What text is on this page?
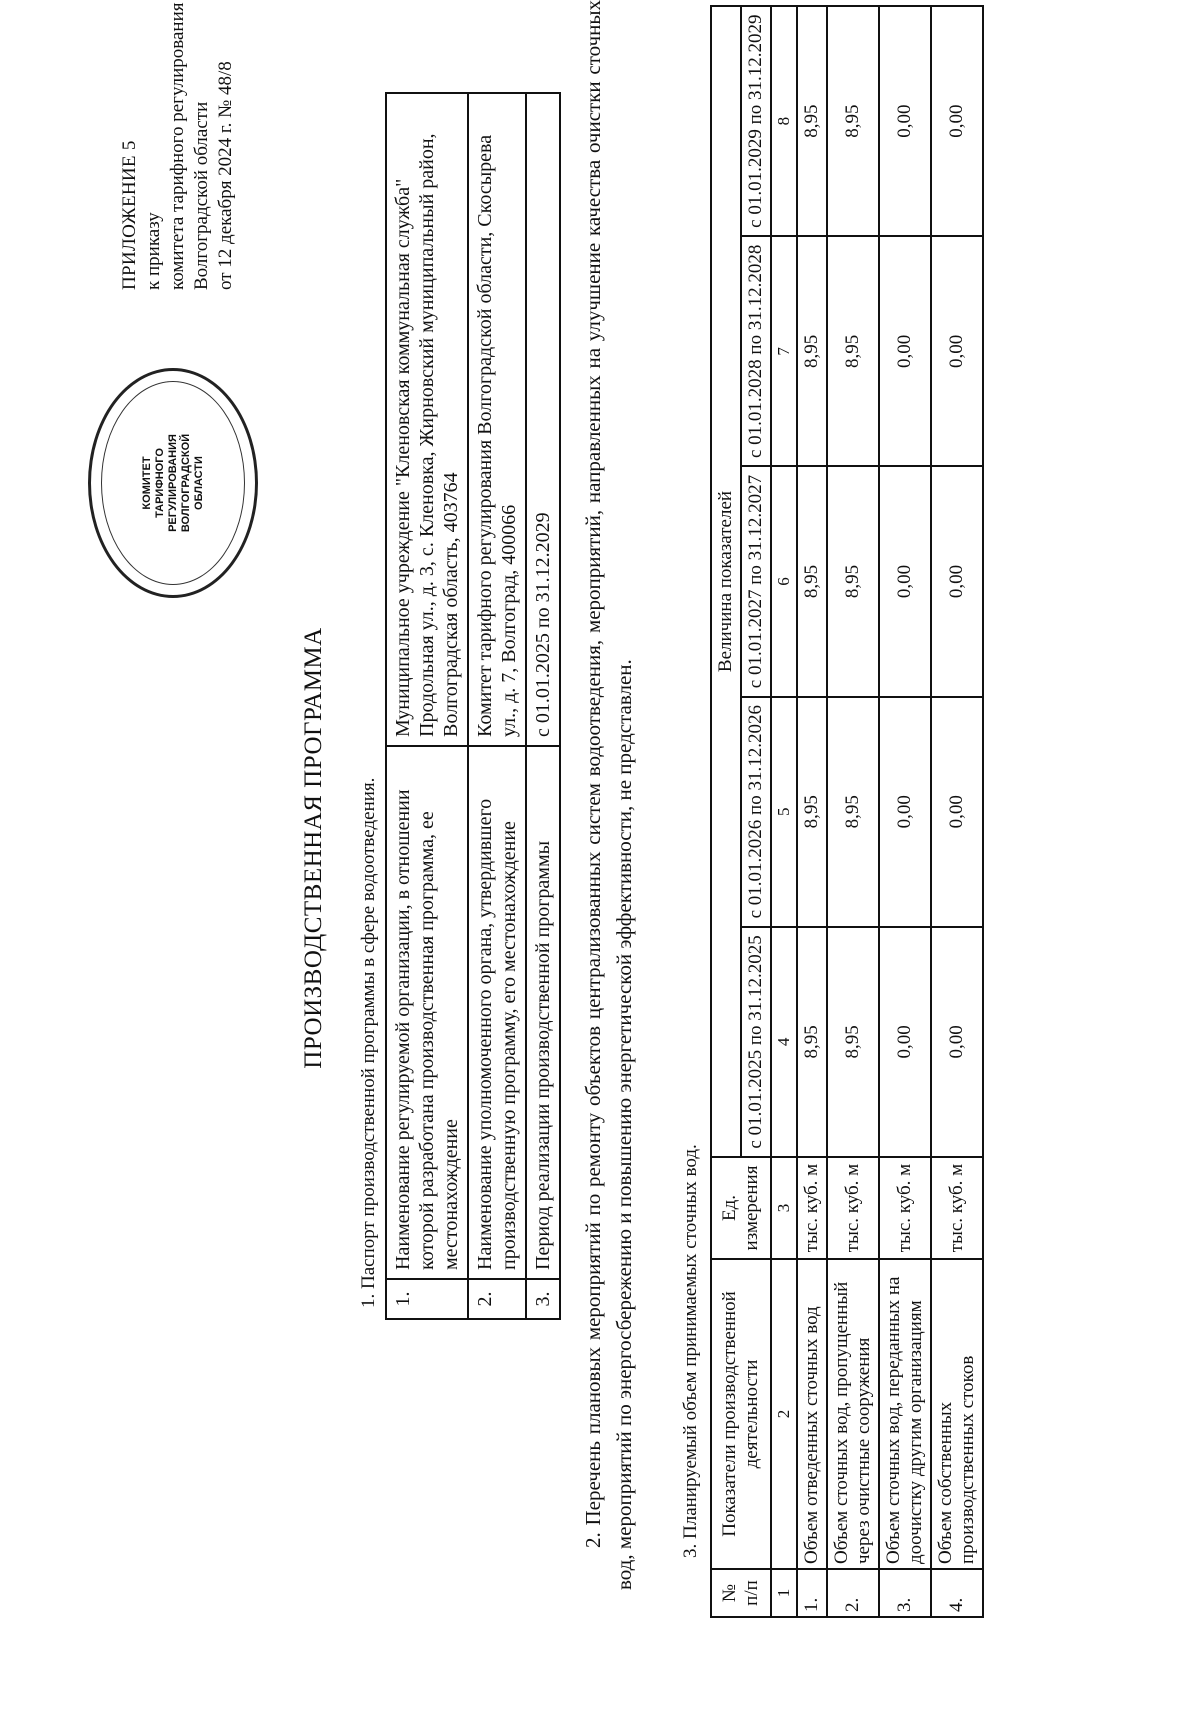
ПРИЛОЖЕНИЕ 5 к приказу комитета тарифного регулирования Волгоградской области от 12 декабря 2024 г. № 48/8
КОМИТЕТ ТАРИФНОГО РЕГУЛИРОВАНИЯ ВОЛГОГРАДСКОЙ ОБЛАСТИ
ПРОИЗВОДСТВЕННАЯ ПРОГРАММА 1. Паспорт производственной программы в сфере водоотведения. 1.	Наименование регулируемой организации, в отношении которой разработана производственная программа, ее местонахождение	Муниципальное учреждение "Кленовская коммунальная служба" Продольная ул., д. 3, с. Кленовка, Жирновский муниципальный район, Волгоградская область, 403764
2.	Наименование уполномоченного органа, утвердившего производственную программу, его местонахождение	Комитет тарифного регулирования Волгоградской области, Скосырева ул., д. 7, Волгоград, 400066
3.	Период реализации производственной программы	с 01.01.2025 по 31.12.2029 2. Перечень плановых мероприятий по ремонту объектов централизованных систем водоотведения, мероприятий, направленных на улучшение качества очистки сточных вод, мероприятий по энергосбережению и повышению энергетической эффективности, не представлен. 3. Планируемый объем принимаемых сточных вод.
№ п/п	Показатели производственной деятельности	Ед. измерения	Величина показателей				
			с 01.01.2025 по 31.12.2025	с 01.01.2026 по 31.12.2026	с 01.01.2027 по 31.12.2027	с 01.01.2028 по 31.12.2028	с 01.01.2029 по 31.12.2029
1	2	3	4	5	6	7	8
1.	Объем отведенных сточных вод	тыс. куб. м	8,95	8,95	8,95	8,95	8,95
2.	Объем сточных вод, пропущенный через очистные сооружения	тыс. куб. м	8,95	8,95	8,95	8,95	8,95
3.	Объем сточных вод, переданных на доочистку другим организациям	тыс. куб. м	0,00	0,00	0,00	0,00	0,00
4.	Объем собственных производственных стоков	тыс. куб. м	0,00	0,00	0,00	0,00	0,00
